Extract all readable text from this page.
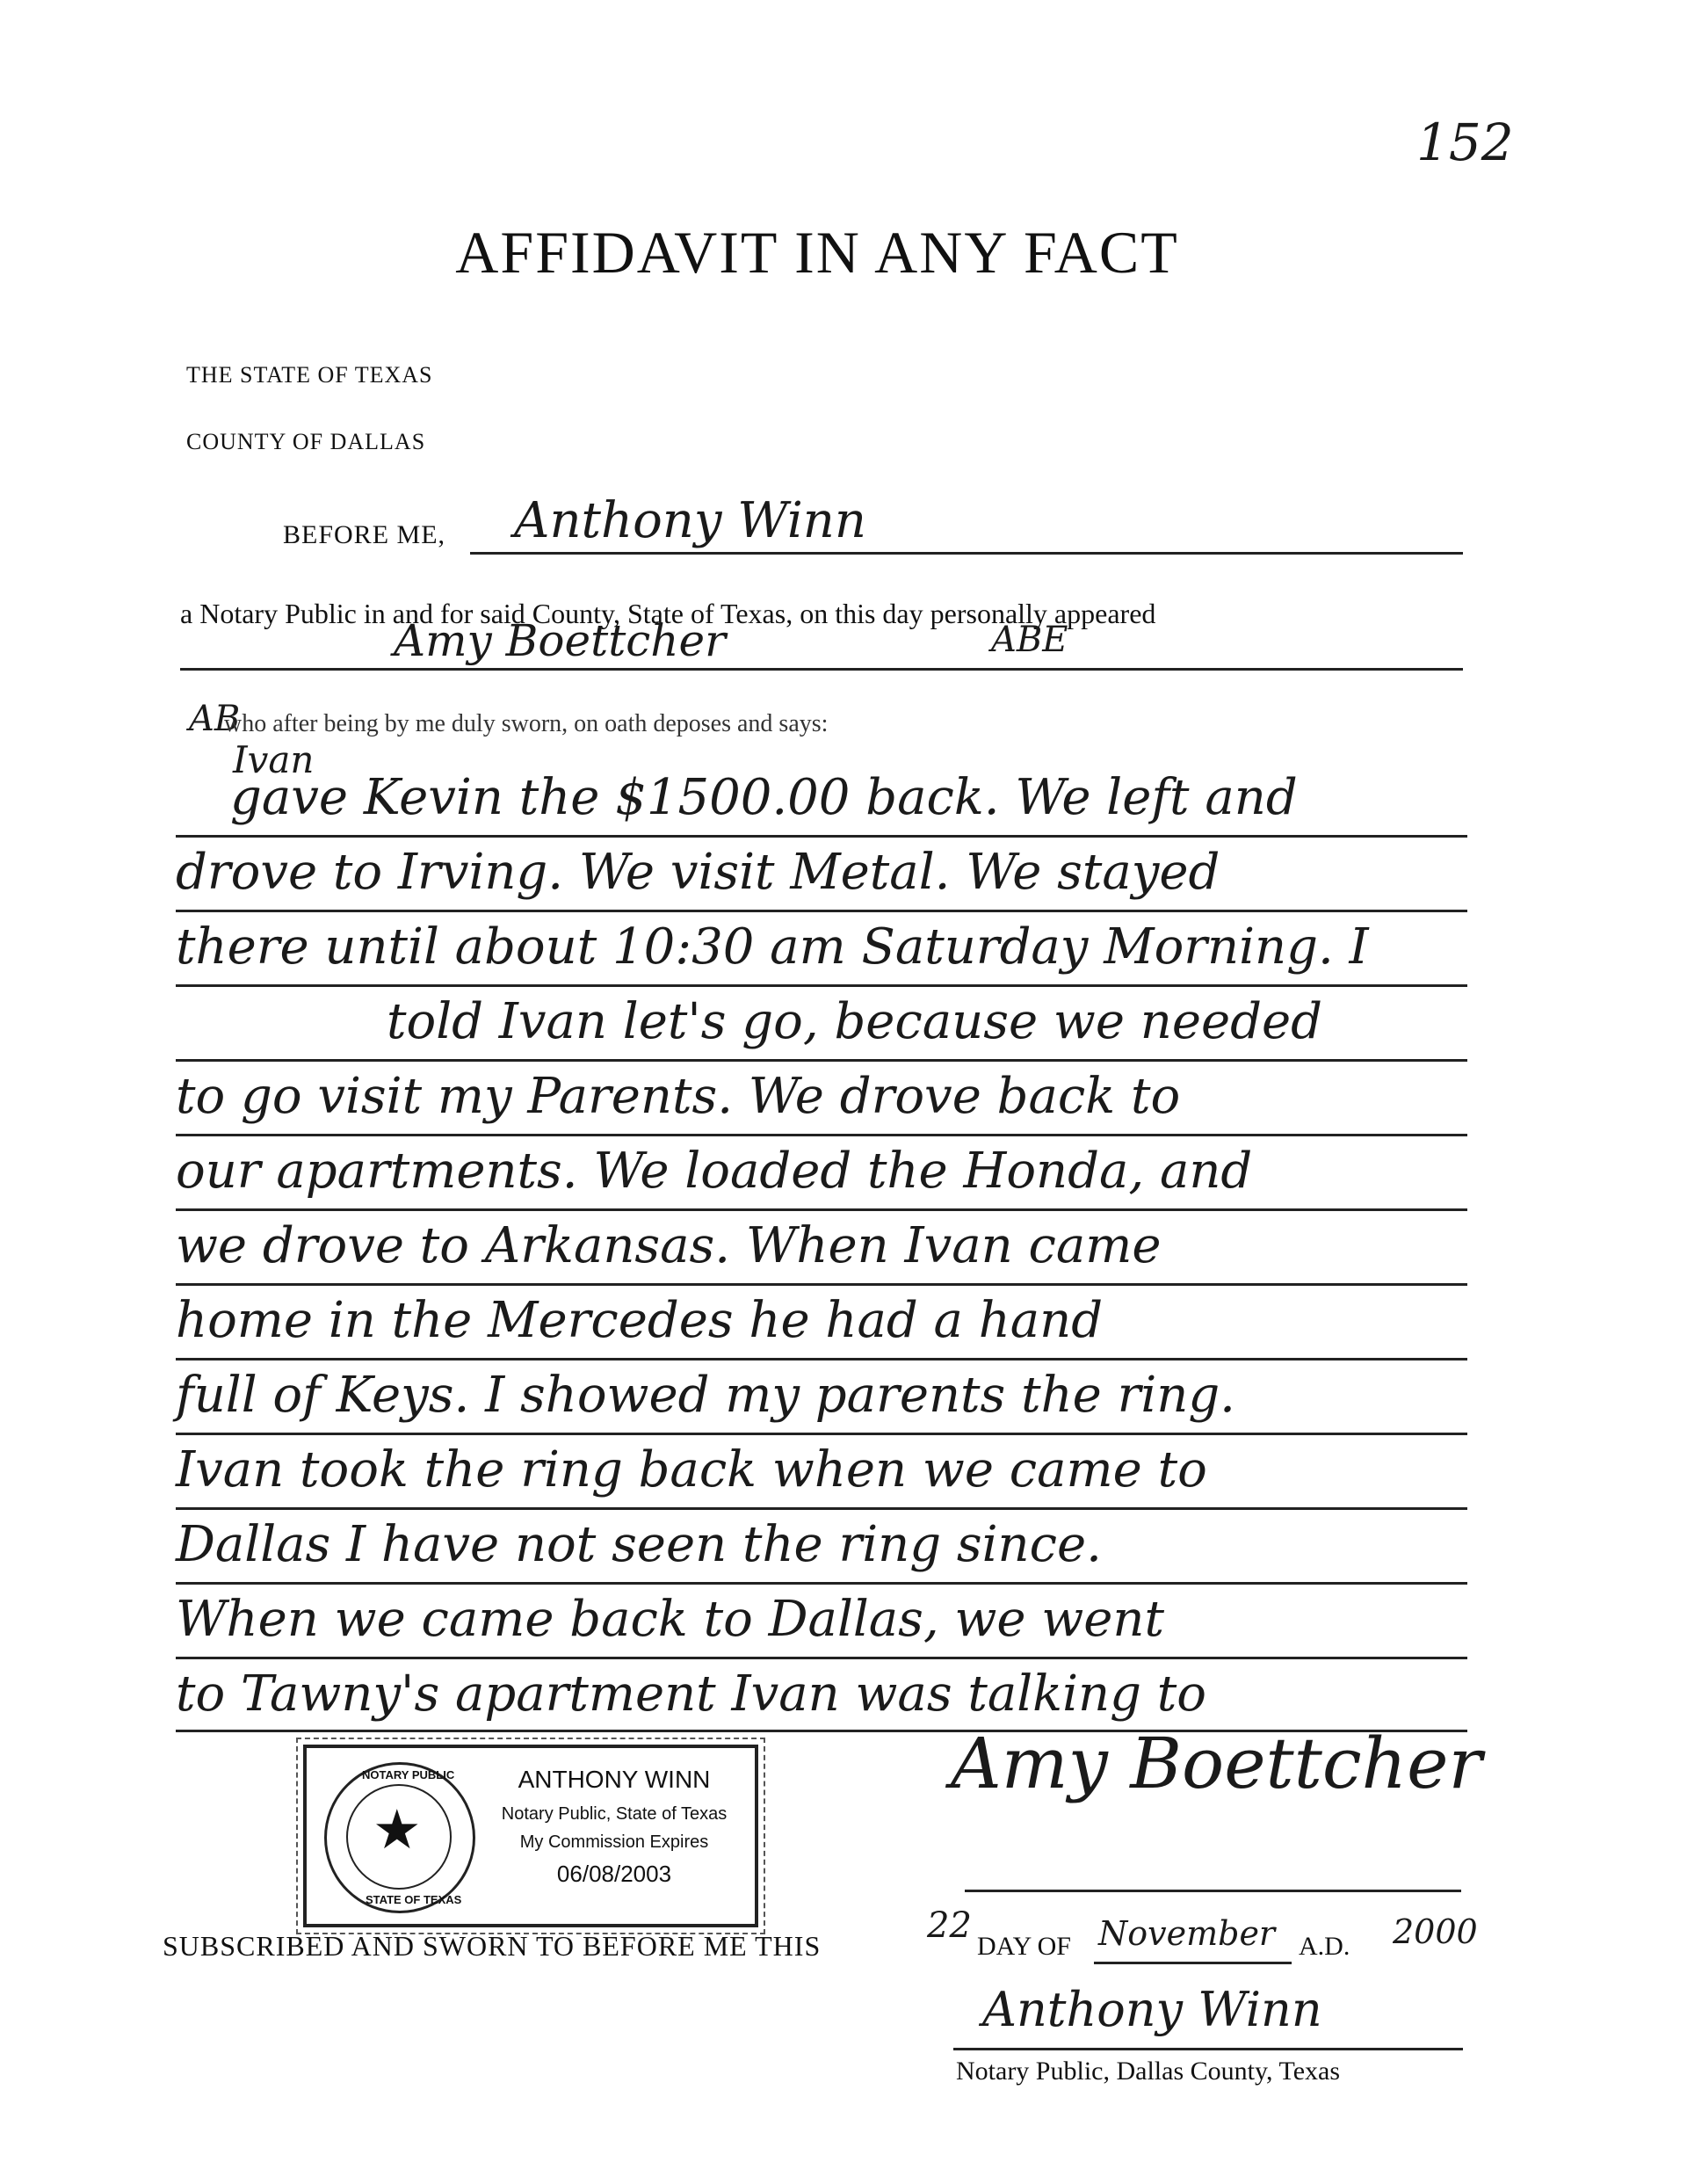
152
AFFIDAVIT IN ANY FACT
THE STATE OF TEXAS
COUNTY OF DALLAS
BEFORE ME, Anthony Winn
a Notary Public in and for said County, State of Texas, on this day personally appeared
Amy Boettcher	ABE
AB
who after being by me duly sworn, on oath deposes and says:
Ivan
gave Kevin the $1500.00 back. We left and
drove to Irving. We visit Metal. We stayed
there until about 10:30 am Saturday Morning. I
told Ivan let's go, because we needed
to go visit my Parents. We drove back to
our apartments. We loaded the Honda, and
we drove to Arkansas. When Ivan came
home in the Mercedes he had a hand
full of Keys. I showed my parents the ring.
Ivan took the ring back when we came to
Dallas I have not seen the ring since.
When we came back to Dallas, we went
to Tawny's apartment Ivan was talking to
NOTARY PUBLIC
★
STATE OF TEXAS
ANTHONY WINN
Notary Public, State of Texas
My Commission Expires
06/08/2003
Amy Boettcher
SUBSCRIBED AND SWORN TO BEFORE ME THIS	22
DAY OF November A.D. 2000
Anthony Winn
Notary Public, Dallas County, Texas
